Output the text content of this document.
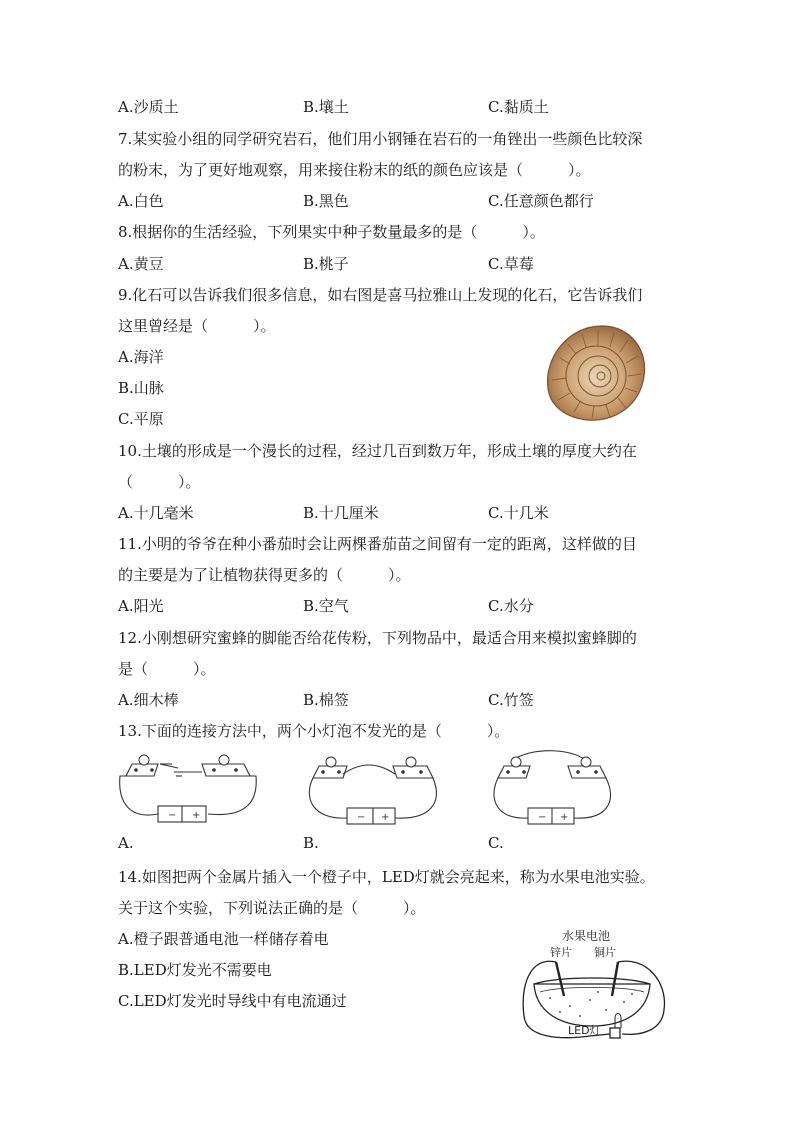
A.沙质土	B.壤土	C.黏质土
7.某实验小组的同学研究岩石，他们用小钢锤在岩石的一角锉出一些颜色比较深
的粉末，为了更好地观察，用来接住粉末的纸的颜色应该是（　　　）。
A.白色	B.黑色	C.任意颜色都行
8.根据你的生活经验，下列果实中种子数量最多的是（　　　）。
A.黄豆	B.桃子	C.草莓
9.化石可以告诉我们很多信息，如右图是喜马拉雅山上发现的化石，它告诉我们
这里曾经是（　　　）。
A.海洋
B.山脉
C.平原
10.土壤的形成是一个漫长的过程，经过几百到数万年，形成土壤的厚度大约在
（　　　）。
A.十几毫米	B.十几厘米	C.十几米
11.小明的爷爷在种小番茄时会让两棵番茄苗之间留有一定的距离，这样做的目
的主要是为了让植物获得更多的（　　　）。
A.阳光	B.空气	C.水分
12.小刚想研究蜜蜂的脚能否给花传粉，下列物品中，最适合用来模拟蜜蜂脚的
是（　　　）。
A.细木棒	B.棉签	C.竹签
13.下面的连接方法中，两个小灯泡不发光的是（　　　）。
− +	− +	− +
A.	B.	C.
14.如图把两个金属片插入一个橙子中，LED灯就会亮起来，称为水果电池实验。
关于这个实验，下列说法正确的是（　　　）。
A.橙子跟普通电池一样储存着电
B.LED灯发光不需要电
C.LED灯发光时导线中有电流通过
水果电池
锌片 铜片
LED灯
